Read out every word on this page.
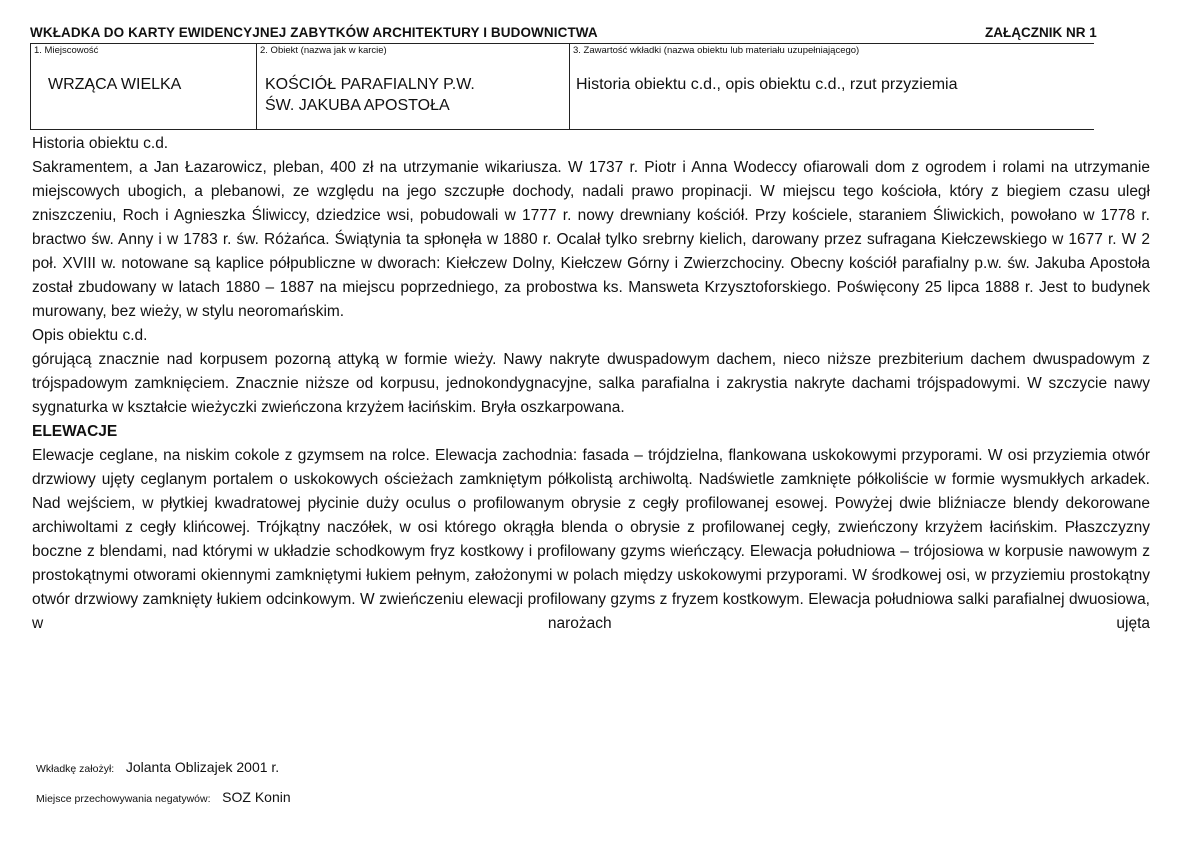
WKŁADKA DO KARTY EWIDENCYJNEJ ZABYTKÓW ARCHITEKTURY I BUDOWNICTWA	ZAŁĄCZNIK NR 1
1. Miejscowość
WRZĄCA WIELKA
2. Obiekt (nazwa jak w karcie)
KOŚCIÓŁ PARAFIALNY P.W.
ŚW. JAKUBA APOSTOŁA
3. Zawartość wkładki (nazwa obiektu lub materiału uzupełniającego)
Historia obiektu c.d., opis obiektu c.d., rzut przyziemia

Historia obiektu c.d.

Sakramentem, a Jan Łazarowicz, pleban, 400 zł na utrzymanie wikariusza. W 1737 r. Piotr i Anna Wodeccy ofiarowali dom z ogrodem i rolami na utrzymanie miejscowych ubogich, a plebanowi, ze względu na jego szczupłe dochody, nadali prawo propinacji. W miejscu tego kościoła, który z biegiem czasu uległ zniszczeniu, Roch i Agnieszka Śliwiccy, dziedzice wsi, pobudowali w 1777 r. nowy drewniany kościół. Przy kościele, staraniem Śliwickich, powołano w 1778 r. bractwo św. Anny i w 1783 r. św. Różańca. Świątynia ta spłonęła w 1880 r. Ocalał tylko srebrny kielich, darowany przez sufragana Kiełczewskiego w 1677 r. W 2 poł. XVIII w. notowane są kaplice półpubliczne w dworach: Kiełczew Dolny, Kiełczew Górny i Zwierzchociny. Obecny kościół parafialny p.w. św. Jakuba Apostoła został zbudowany w latach 1880 – 1887 na miejscu poprzedniego, za probostwa ks. Mansweta Krzysztoforskiego. Poświęcony 25 lipca 1888 r. Jest to budynek murowany, bez wieży, w stylu neoromańskim.

Opis obiektu c.d.

górującą znacznie nad korpusem pozorną attyką w formie wieży. Nawy nakryte dwuspadowym dachem, nieco niższe prezbiterium dachem dwuspadowym z trójspadowym zamknięciem. Znacznie niższe od korpusu, jednokondygnacyjne, salka parafialna i zakrystia nakryte dachami trójspadowymi. W szczycie nawy sygnaturka w kształcie wieżyczki zwieńczona krzyżem łacińskim. Bryła oszkarpowana.

ELEWACJE

Elewacje ceglane, na niskim cokole z gzymsem na rolce. Elewacja zachodnia: fasada – trójdzielna, flankowana uskokowymi przyporami. W osi przyziemia otwór drzwiowy ujęty ceglanym portalem o uskokowych ościeżach zamkniętym półkolistą archiwoltą. Nadświetle zamknięte półkoliście w formie wysmukłych arkadek. Nad wejściem, w płytkiej kwadratowej płycinie duży oculus o profilowanym obrysie z cegły profilowanej esowej. Powyżej dwie bliźniacze blendy dekorowane archiwoltami z cegły klińcowej. Trójkątny naczółek, w osi którego okrągła blenda o obrysie z profilowanej cegły, zwieńczony krzyżem łacińskim. Płaszczyzny boczne z blendami, nad którymi w układzie schodkowym fryz kostkowy i profilowany gzyms wieńczący. Elewacja południowa – trójosiowa w korpusie nawowym z prostokątnymi otworami okiennymi zamkniętymi łukiem pełnym, założonymi w polach między uskokowymi przyporami. W środkowej osi, w przyziemiu prostokątny otwór drzwiowy zamknięty łukiem odcinkowym. W zwieńczeniu elewacji profilowany gzyms z fryzem kostkowym. Elewacja południowa salki parafialnej dwuosiowa, w narożach ujęta

Wkładkę założył: Jolanta Oblizajek 2001 r.
Miejsce przechowywania negatywów: SOZ Konin
